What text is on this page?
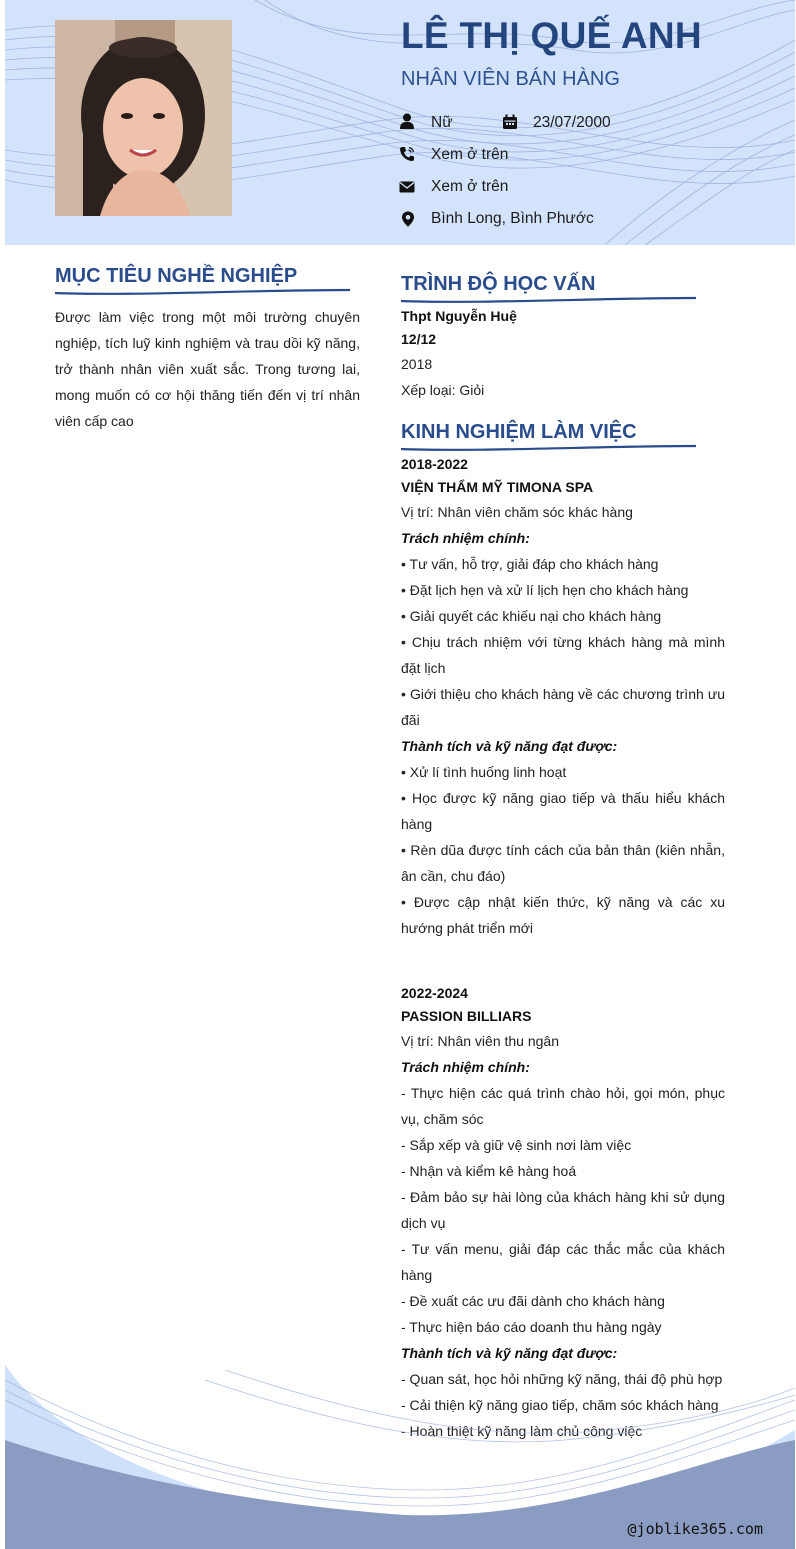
LÊ THỊ QUẾ ANH
NHÂN VIÊN BÁN HÀNG
Nữ	23/07/2000
Xem ở trên
Xem ở trên
Bình Long, Bình Phước
MỤC TIÊU NGHỀ NGHIỆP
Được làm việc trong một môi trường chuyên nghiệp, tích luỹ kinh nghiệm và trau dồi kỹ năng, trở thành nhân viên xuất sắc. Trong tương lai, mong muốn có cơ hội thăng tiến đến vị trí nhân viên cấp cao
TRÌNH ĐỘ HỌC VẤN
Thpt Nguyễn Huệ
12/12
2018
Xếp loại: Giỏi
KINH NGHIỆM LÀM VIỆC
2018-2022
VIỆN THẨM MỸ TIMONA SPA
Vị trí: Nhân viên chăm sóc khác hàng
Trách nhiệm chính:
• Tư vấn, hỗ trợ, giải đáp cho khách hàng
• Đặt lịch hẹn và xử lí lịch hẹn cho khách hàng
• Giải quyết các khiếu nại cho khách hàng
• Chịu trách nhiệm với từng khách hàng mà mình đặt lịch
• Giới thiệu cho khách hàng về các chương trình ưu đãi
Thành tích và kỹ năng đạt được:
• Xử lí tình huống linh hoạt
• Học được kỹ năng giao tiếp và thấu hiểu khách hàng
• Rèn dũa được tính cách của bản thân (kiên nhẫn, ân cần, chu đáo)
• Được cập nhật kiến thức, kỹ năng và các xu hướng phát triển mới
2022-2024
PASSION BILLIARS
Vị trí: Nhân viên thu ngân
Trách nhiệm chính:
- Thực hiện các quá trình chào hỏi, gọi món, phục vụ, chăm sóc
- Sắp xếp và giữ vệ sinh nơi làm việc
- Nhận và kiểm kê hàng hoá
- Đảm bảo sự hài lòng của khách hàng khi sử dụng dịch vụ
- Tư vấn menu, giải đáp các thắc mắc của khách hàng
- Đề xuất các ưu đãi dành cho khách hàng
- Thực hiện báo cáo doanh thu hàng ngày
Thành tích và kỹ năng đạt được:
- Quan sát, học hỏi những kỹ năng, thái độ phù hợp
- Cải thiện kỹ năng giao tiếp, chăm sóc khách hàng
- Hoàn thiệt kỹ năng làm chủ công việc
@joblike365.com
